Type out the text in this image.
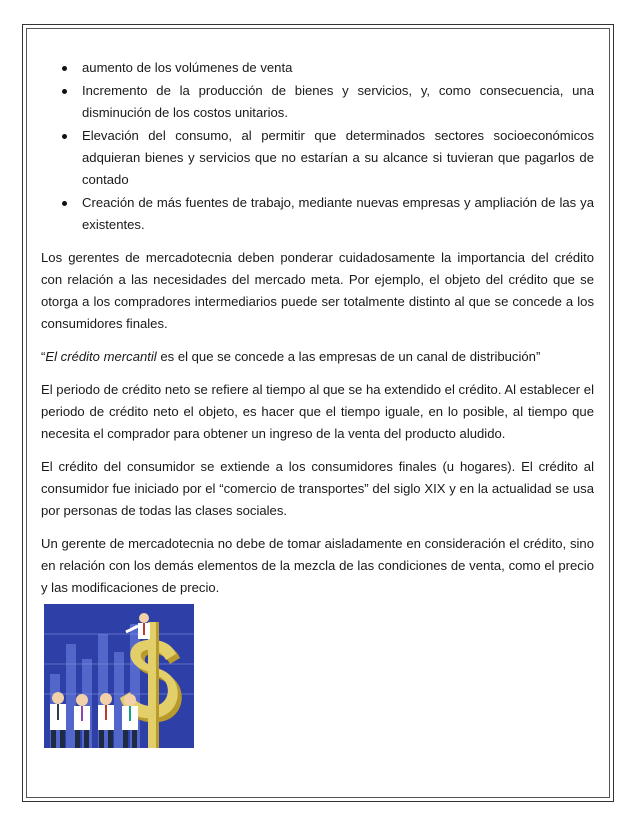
aumento de los volúmenes de venta
Incremento de la producción de bienes y servicios, y, como consecuencia, una disminución de los costos unitarios.
Elevación del consumo, al permitir que determinados sectores socioeconómicos adquieran bienes y servicios que no estarían a su alcance si tuvieran que pagarlos de contado
Creación de más fuentes de trabajo, mediante nuevas empresas y ampliación de las ya existentes.

Los gerentes de mercadotecnia deben ponderar cuidadosamente la importancia del crédito con relación a las necesidades del mercado meta. Por ejemplo, el objeto del crédito que se otorga a los compradores intermediarios puede ser totalmente distinto al que se concede a los consumidores finales.

“El crédito mercantil es el que se concede a las empresas de un canal de distribución”

El periodo de crédito neto se refiere al tiempo al que se ha extendido el crédito. Al establecer el periodo de crédito neto el objeto, es hacer que el tiempo iguale, en lo posible, al tiempo que necesita el comprador para obtener un ingreso de la venta del producto aludido.

El crédito del consumidor se extiende a los consumidores finales (u hogares). El crédito al consumidor fue iniciado por el “comercio de transportes” del siglo XIX y en la actualidad se usa por personas de todas las clases sociales.

Un gerente de mercadotecnia no debe de tomar aisladamente en consideración el crédito, sino en relación con los demás elementos de la mezcla de las condiciones de venta, como el precio y las modificaciones de precio.
